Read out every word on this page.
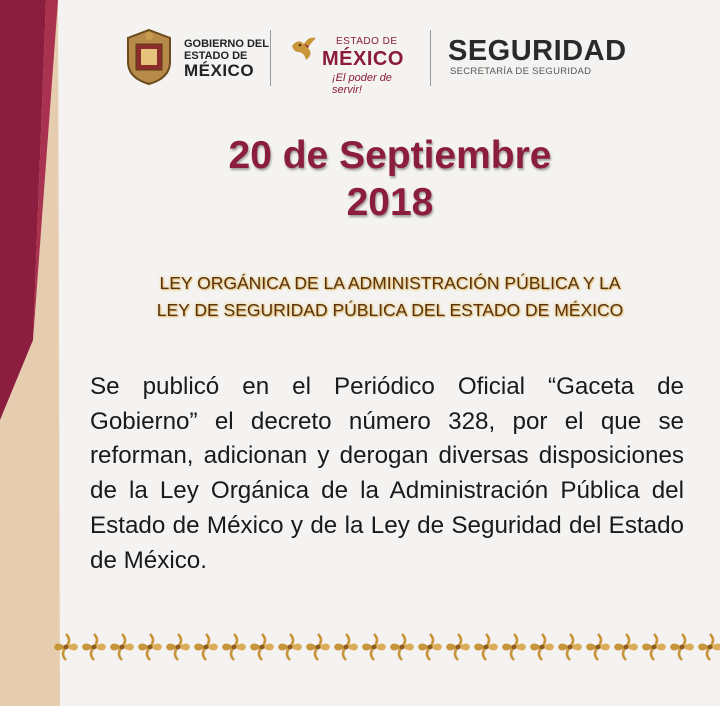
GOBIERNO DEL
ESTADO DE
MÉXICO
ESTADO DE
MÉXICO
¡El poder de servir!
SEGURIDAD
SECRETARÍA DE SEGURIDAD
20 de Septiembre
2018
LEY ORGÁNICA DE LA ADMINISTRACIÓN PÚBLICA Y LA
LEY DE SEGURIDAD PÚBLICA DEL ESTADO DE MÉXICO
Se publicó en el Periódico Oficial “Gaceta de Gobierno” el decreto número 328, por el que se reforman, adicionan y derogan diversas disposiciones de la Ley Orgánica de la Administración Pública del Estado de México y de la Ley de Seguridad del Estado de México.
